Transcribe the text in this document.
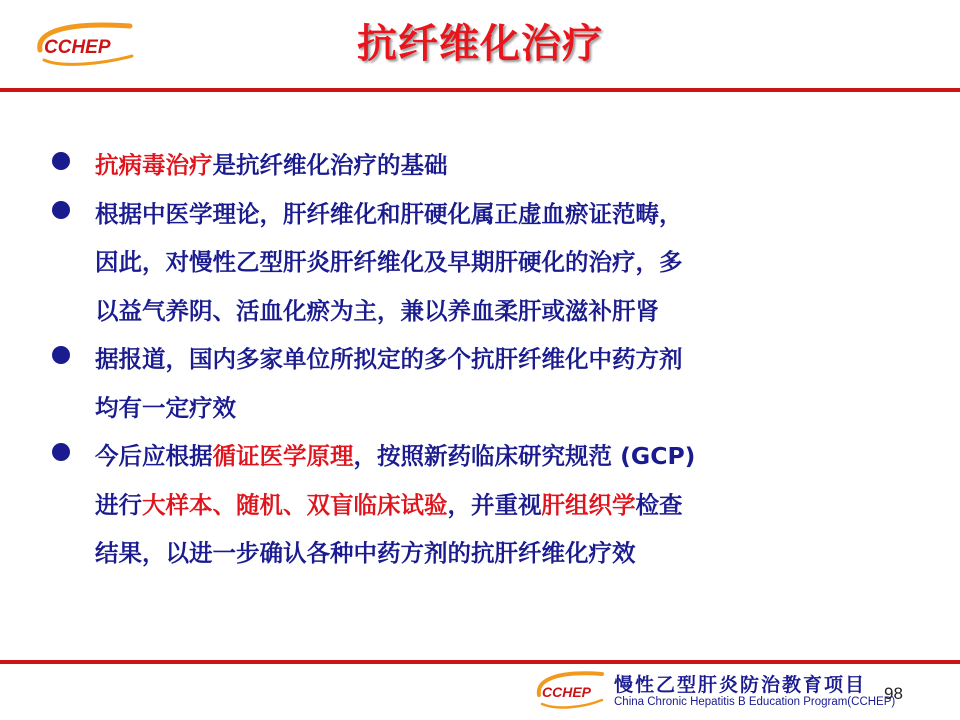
CCHEP	抗纤维化治疗
抗病毒治疗是抗纤维化治疗的基础
根据中医学理论，肝纤维化和肝硬化属正虚血瘀证范畴，
因此，对慢性乙型肝炎肝纤维化及早期肝硬化的治疗，多
以益气养阴、活血化瘀为主，兼以养血柔肝或滋补肝肾
据报道，国内多家单位所拟定的多个抗肝纤维化中药方剂
均有一定疗效
今后应根据循证医学原理，按照新药临床研究规范 (GCP)
进行大样本、随机、双盲临床试验，并重视肝组织学检查
结果，以进一步确认各种中药方剂的抗肝纤维化疗效
CCHEP 慢性乙型肝炎防治教育项目
China Chronic Hepatitis B Education Program(CCHEP)
98
